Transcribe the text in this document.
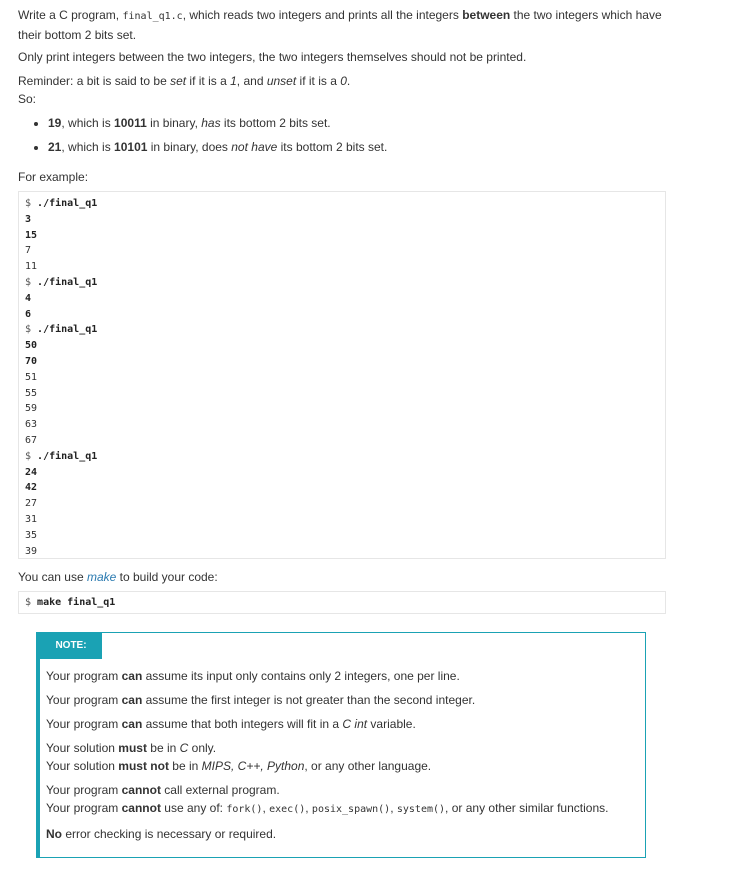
Write a C program, final_q1.c, which reads two integers and prints all the integers between the two integers which have their bottom 2 bits set.

Only print integers between the two integers, the two integers themselves should not be printed.

Reminder: a bit is said to be set if it is a 1, and unset if it is a 0.

So:

• 19, which is 10011 in binary, has its bottom 2 bits set.
• 21, which is 10101 in binary, does not have its bottom 2 bits set.

For example:

$ ./final_q1
3
15
7
11
$ ./final_q1
4
6
$ ./final_q1
50
70
51
55
59
63
67
$ ./final_q1
24
42
27
31
35
39

You can use make to build your code:

$ make final_q1
NOTE:

Your program can assume its input only contains only 2 integers, one per line.

Your program can assume the first integer is not greater than the second integer.

Your program can assume that both integers will fit in a C int variable.

Your solution must be in C only.

Your solution must not be in MIPS, C++, Python, or any other language.

Your program cannot call external program.

Your program cannot use any of: fork(), exec(), posix_spawn(), system(), or any other similar functions.

No error checking is necessary or required.
